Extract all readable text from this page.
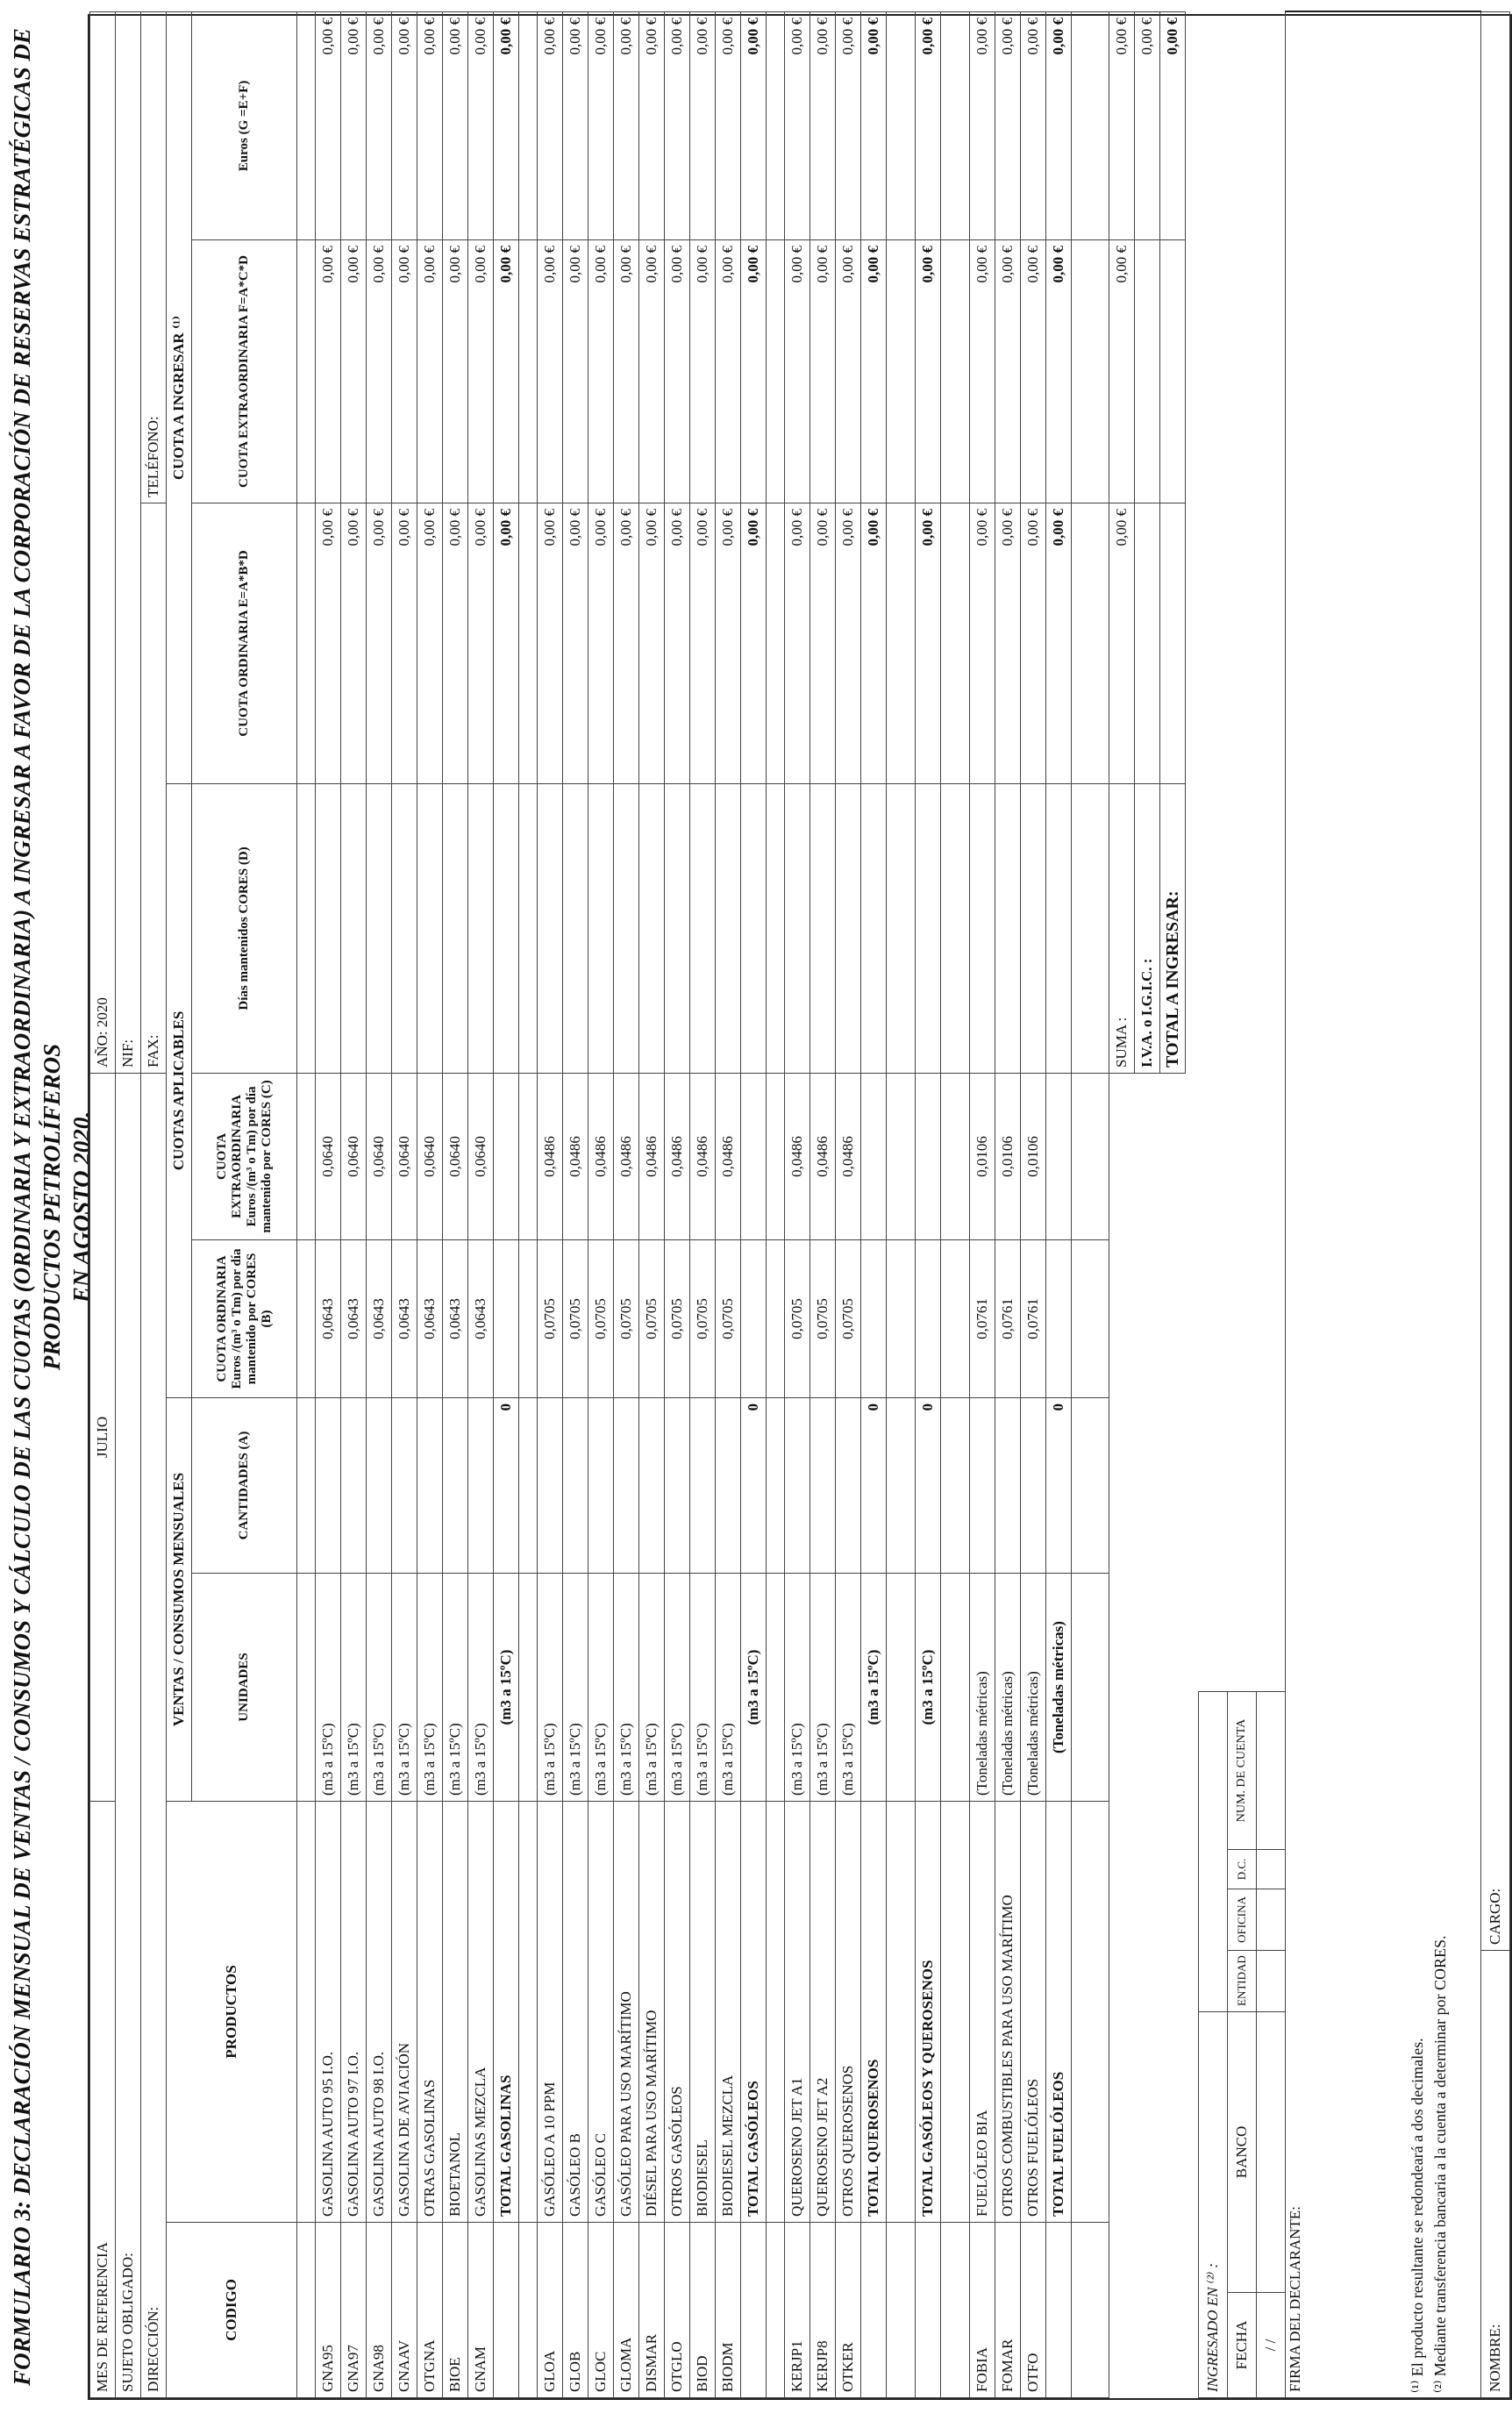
FORMULARIO 3: DECLARACIÓN MENSUAL DE VENTAS / CONSUMOS Y CÁLCULO DE LAS CUOTAS (ORDINARIA Y EXTRAORDINARIA) A INGRESAR A FAVOR DE LA CORPORACIÓN DE RESERVAS ESTRATÉGICAS DE PRODUCTOS PETROLÍFEROS EN AGOSTO 2020.
MES DE REFERENCIA		JULIO				AÑO: 2020			
SUJETO OBLIGADO:						NIF:			
DIRECCIÓN:						FAX:		TELÉFONO:	
CODIGO	PRODUCTOS	VENTAS / CONSUMOS MENSUALES		CUOTAS APLICABLES			CUOTA A INGRESAR ⁽¹⁾		
		UNIDADES	CANTIDADES (A)	CUOTA ORDINARIA Euros /(m³ o Tm) por día mantenido por CORES (B)	CUOTA EXTRAORDINARIA Euros /(m³ o Tm) por día mantenido por CORES (C)	Días mantenidos CORES (D)	CUOTA ORDINARIA E=A*B*D	CUOTA EXTRAORDINARIA F=A*C*D	Euros (G =E+F)

GNA95	GASOLINA AUTO 95 I.O.	(m3 a 15ºC)		0,0643	0,0640		0,00 €	0,00 €	0,00 €
GNA97	GASOLINA AUTO 97 I.O.	(m3 a 15ºC)		0,0643	0,0640		0,00 €	0,00 €	0,00 €
GNA98	GASOLINA AUTO 98 I.O.	(m3 a 15ºC)		0,0643	0,0640		0,00 €	0,00 €	0,00 €
GNAAV	GASOLINA DE AVIACIÓN	(m3 a 15ºC)		0,0643	0,0640		0,00 €	0,00 €	0,00 €
OTGNA	OTRAS GASOLINAS	(m3 a 15ºC)		0,0643	0,0640		0,00 €	0,00 €	0,00 €
BIOE	BIOETANOL	(m3 a 15ºC)		0,0643	0,0640		0,00 €	0,00 €	0,00 €
GNAM	GASOLINAS MEZCLA	(m3 a 15ºC)		0,0643	0,0640		0,00 €	0,00 €	0,00 €
	TOTAL GASOLINAS	(m3 a 15ºC)	0				0,00 €	0,00 €	0,00 €

GLOA	GASÓLEO A 10 PPM	(m3 a 15ºC)		0,0705	0,0486		0,00 €	0,00 €	0,00 €
GLOB	GASÓLEO B	(m3 a 15ºC)		0,0705	0,0486		0,00 €	0,00 €	0,00 €
GLOC	GASÓLEO C	(m3 a 15ºC)		0,0705	0,0486		0,00 €	0,00 €	0,00 €
GLOMA	GASÓLEO PARA USO MARÍTIMO	(m3 a 15ºC)		0,0705	0,0486		0,00 €	0,00 €	0,00 €
DISMAR	DIÉSEL PARA USO MARÍTIMO	(m3 a 15ºC)		0,0705	0,0486		0,00 €	0,00 €	0,00 €
OTGLO	OTROS GASÓLEOS	(m3 a 15ºC)		0,0705	0,0486		0,00 €	0,00 €	0,00 €
BIOD	BIODIESEL	(m3 a 15ºC)		0,0705	0,0486		0,00 €	0,00 €	0,00 €
BIODM	BIODIESEL MEZCLA	(m3 a 15ºC)		0,0705	0,0486		0,00 €	0,00 €	0,00 €
	TOTAL GASÓLEOS	(m3 a 15ºC)	0				0,00 €	0,00 €	0,00 €

KERJP1	QUEROSENO JET A1	(m3 a 15ºC)		0,0705	0,0486		0,00 €	0,00 €	0,00 €
KERJP8	QUEROSENO JET A2	(m3 a 15ºC)		0,0705	0,0486		0,00 €	0,00 €	0,00 €
OTKER	OTROS QUEROSENOS	(m3 a 15ºC)		0,0705	0,0486		0,00 €	0,00 €	0,00 €
	TOTAL QUEROSENOS	(m3 a 15ºC)	0				0,00 €	0,00 €	0,00 €

	TOTAL GASÓLEOS Y QUEROSENOS	(m3 a 15ºC)	0				0,00 €	0,00 €	0,00 €

FOBIA	FUELÓLEO BIA	(Toneladas métricas)		0,0761	0,0106		0,00 €	0,00 €	0,00 €
FOMAR	OTROS COMBUSTIBLES PARA USO MARÍTIMO	(Toneladas métricas)		0,0761	0,0106		0,00 €	0,00 €	0,00 €
OTFO	OTROS FUELÓLEOS	(Toneladas métricas)		0,0761	0,0106		0,00 €	0,00 €	0,00 €
	TOTAL FUELÓLEOS	(Toneladas métricas)	0				0,00 €	0,00 €	0,00 €

						SUMA :	0,00 €	0,00 €	0,00 €
						I.V.A. o I.G.I.C. :			0,00 €
						TOTAL A INGRESAR:			0,00 €
INGRESADO EN ⁽²⁾ :						
FECHA	BANCO	ENTIDAD	OFICINA	D.C.	NUM. DE CUENTA	
/ /						
FIRMA DEL DECLARANTE:						
NOMBRE:			CARGO:			
⁽¹⁾ El producto resultante se redondeará a dos decimales. ⁽²⁾ Mediante transferencia bancaria a la cuenta a determinar por CORES.
